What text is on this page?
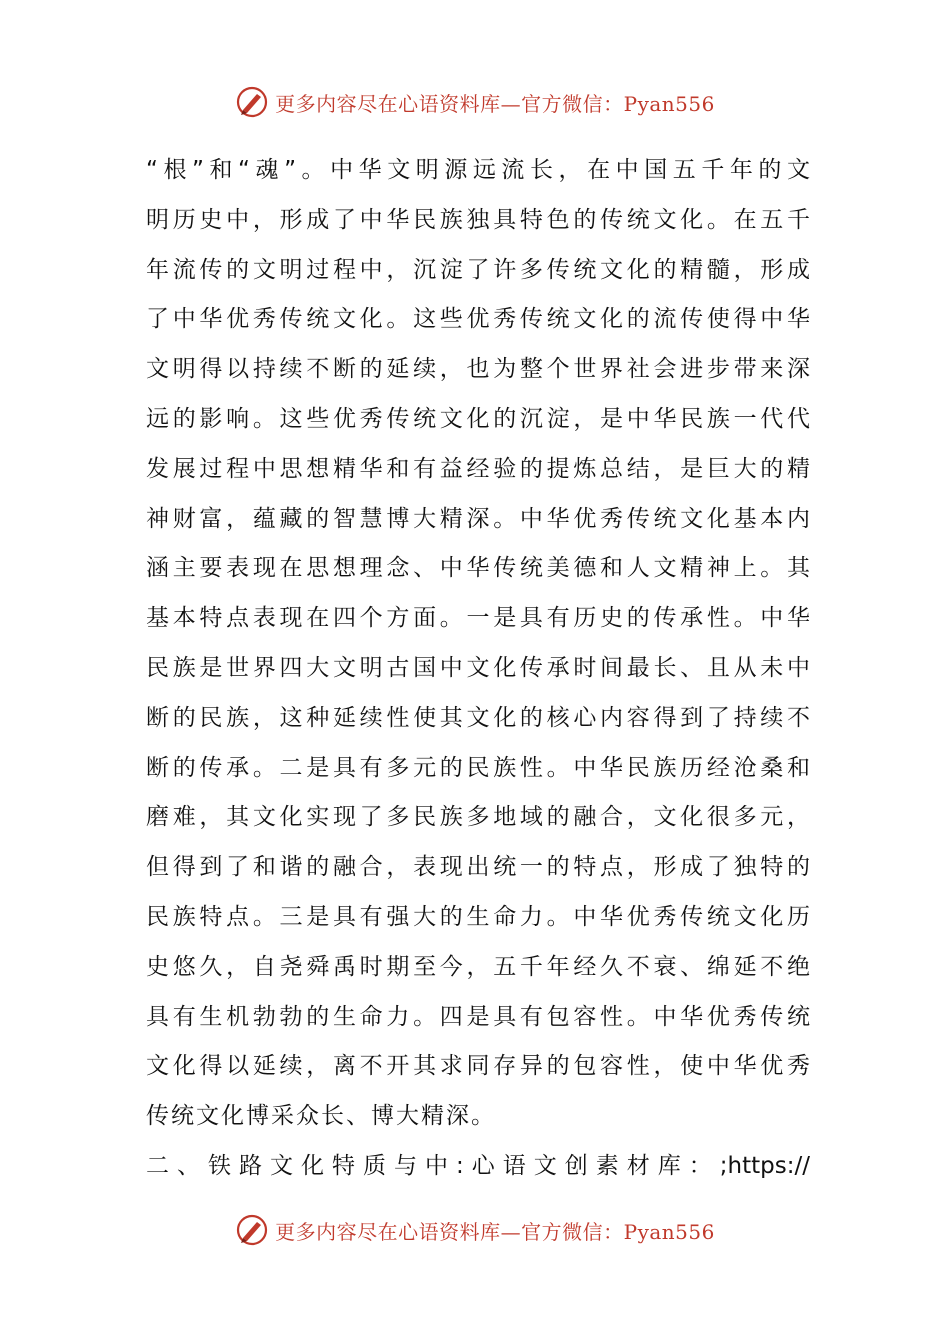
更多内容尽在心语资料库—官方微信：Pyan556
“根”和“魂”。中华文明源远流长，在中国五千年的文
明历史中，形成了中华民族独具特色的传统文化。在五千
年流传的文明过程中，沉淀了许多传统文化的精髓，形成
了中华优秀传统文化。这些优秀传统文化的流传使得中华
文明得以持续不断的延续，也为整个世界社会进步带来深
远的影响。这些优秀传统文化的沉淀，是中华民族一代代
发展过程中思想精华和有益经验的提炼总结，是巨大的精
神财富，蕴藏的智慧博大精深。中华优秀传统文化基本内
涵主要表现在思想理念、中华传统美德和人文精神上。其
基本特点表现在四个方面。一是具有历史的传承性。中华
民族是世界四大文明古国中文化传承时间最长、且从未中
断的民族，这种延续性使其文化的核心内容得到了持续不
断的传承。二是具有多元的民族性。中华民族历经沧桑和
磨难，其文化实现了多民族多地域的融合，文化很多元，
但得到了和谐的融合，表现出统一的特点，形成了独特的
民族特点。三是具有强大的生命力。中华优秀传统文化历
史悠久，自尧舜禹时期至今，五千年经久不衰、绵延不绝
具有生机勃勃的生命力。四是具有包容性。中华优秀传统
文化得以延续，离不开其求同存异的包容性，使中华优秀
传统文化博采众长、博大精深。
二、铁路文化特质与中:心语文创素材库：;https://
更多内容尽在心语资料库—官方微信：Pyan556
